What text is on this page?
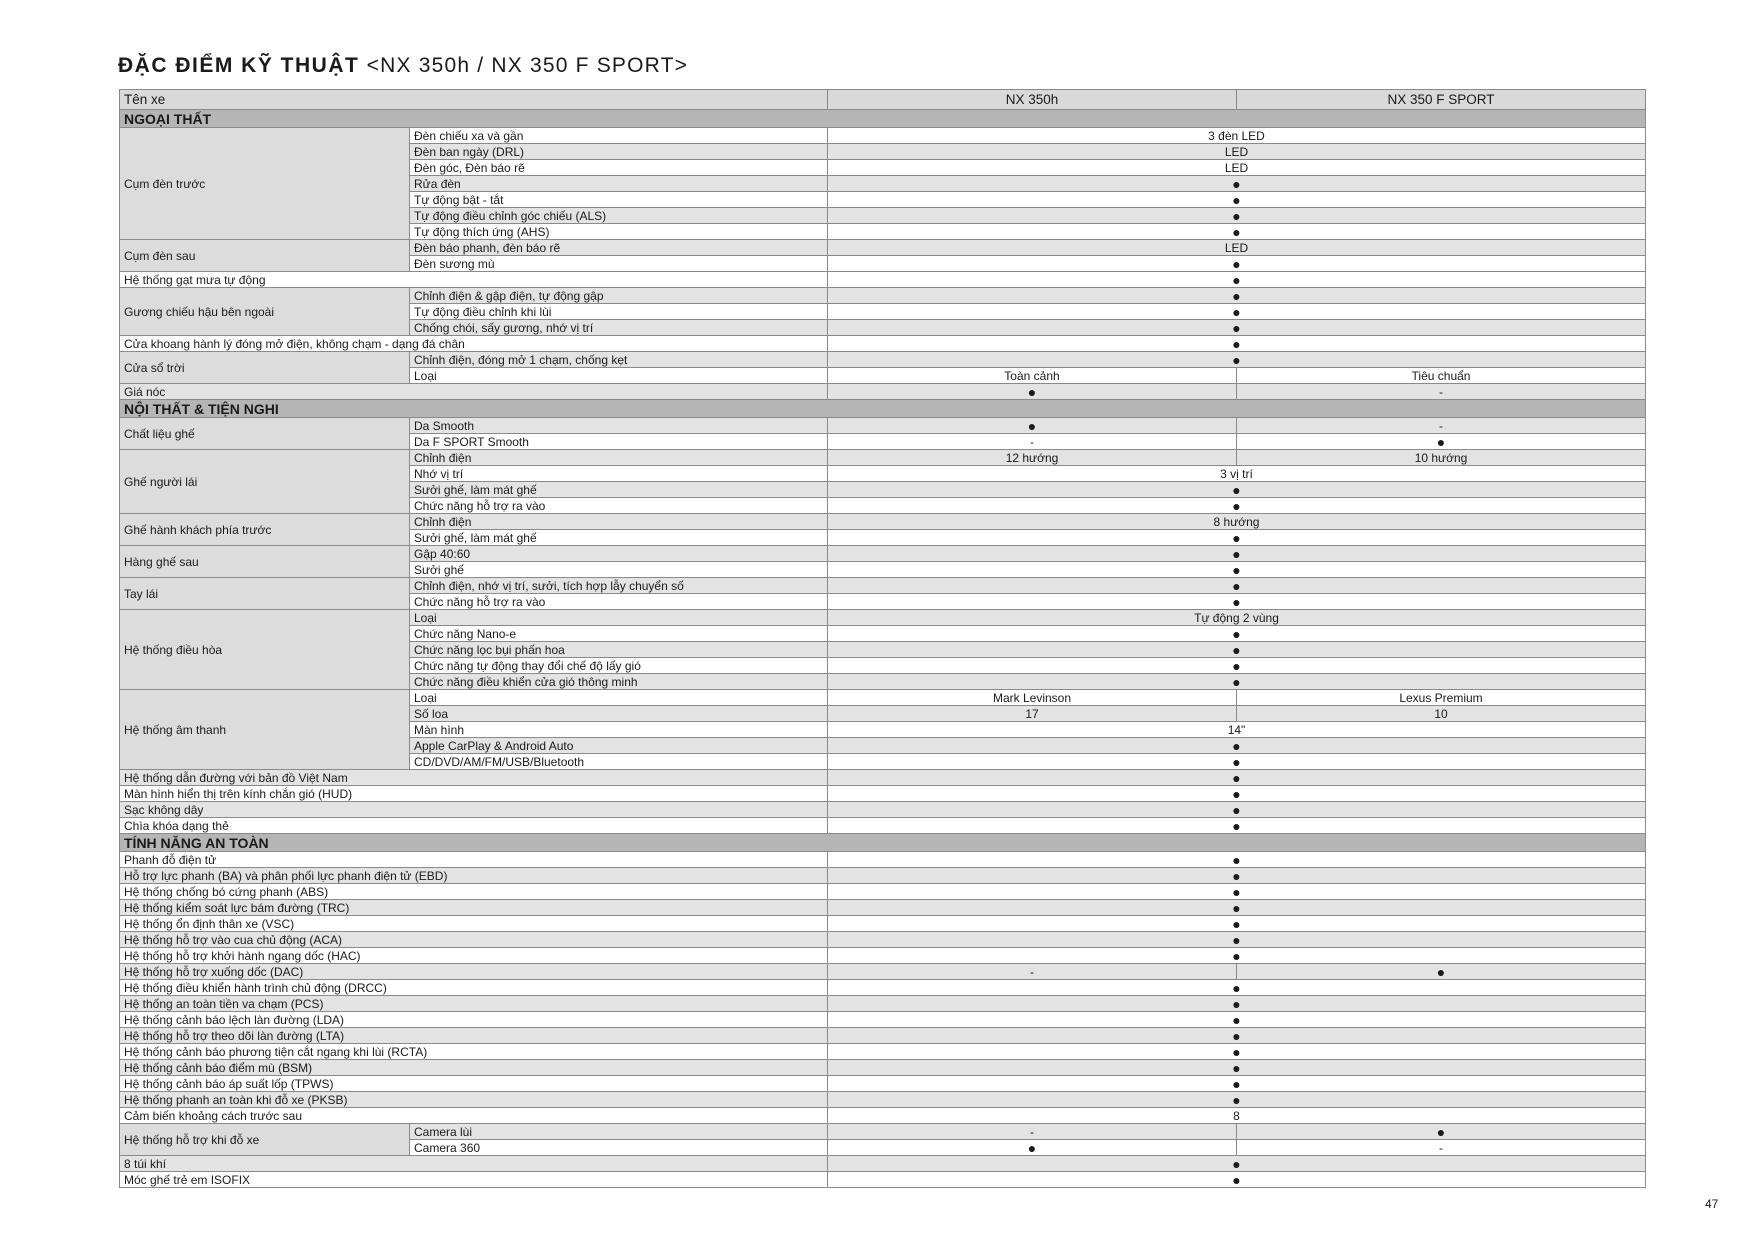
ĐẶC ĐIỂM KỸ THUẬT <NX 350h / NX 350 F SPORT>
Tên xe		NX 350h	NX 350 F SPORT
NGOẠI THẤT			
Cụm đèn trước	Đèn chiếu xa và gần	3 đèn LED	
	Đèn ban ngày (DRL)	LED	
	Đèn góc, Đèn báo rẽ	LED	
	Rửa đèn	●	
	Tự động bật - tắt	●	
	Tự động điều chỉnh góc chiếu (ALS)	●	
	Tự động thích ứng (AHS)	●	
Cụm đèn sau	Đèn báo phanh, đèn báo rẽ	LED	
	Đèn sương mù	●	
Hệ thống gạt mưa tự động		●	
Gương chiếu hậu bên ngoài	Chỉnh điện & gập điện, tự động gập	●	
	Tự động điều chỉnh khi lùi	●	
	Chống chói, sấy gương, nhớ vị trí	●	
Cửa khoang hành lý đóng mở điện, không chạm - dạng đá chân		●	
Cửa sổ trời	Chỉnh điện, đóng mở 1 chạm, chống kẹt	●	
	Loại	Toàn cảnh	Tiêu chuẩn
Giá nóc		●	-
NỘI THẤT & TIỆN NGHI			
Chất liệu ghế	Da Smooth	●	-
	Da F SPORT Smooth	-	●
Ghế người lái	Chỉnh điện	12 hướng	10 hướng
	Nhớ vị trí	3 vị trí	
	Sưởi ghế, làm mát ghế	●	
	Chức năng hỗ trợ ra vào	●	
Ghế hành khách phía trước	Chỉnh điện	8 hướng	
	Sưởi ghế, làm mát ghế	●	
Hàng ghế sau	Gập 40:60	●	
	Sưởi ghế	●	
Tay lái	Chỉnh điện, nhớ vị trí, sưởi, tích hợp lẫy chuyển số	●	
	Chức năng hỗ trợ ra vào	●	
Hệ thống điều hòa	Loại	Tự động 2 vùng	
	Chức năng Nano-e	●	
	Chức năng lọc bụi phấn hoa	●	
	Chức năng tự động thay đổi chế độ lấy gió	●	
	Chức năng điều khiển cửa gió thông minh	●	
Hệ thống âm thanh	Loại	Mark Levinson	Lexus Premium
	Số loa	17	10
	Màn hình	14"	
	Apple CarPlay & Android Auto	●	
	CD/DVD/AM/FM/USB/Bluetooth	●	
Hệ thống dẫn đường với bản đồ Việt Nam		●	
Màn hình hiển thị trên kính chắn gió (HUD)		●	
Sạc không dây		●	
Chìa khóa dạng thẻ		●	
TÍNH NĂNG AN TOÀN			
Phanh đỗ điện tử		●	
Hỗ trợ lực phanh (BA) và phân phối lực phanh điện tử (EBD)		●	
Hệ thống chống bó cứng phanh (ABS)		●	
Hệ thống kiểm soát lực bám đường (TRC)		●	
Hệ thống ổn định thân xe (VSC)		●	
Hệ thống hỗ trợ vào cua chủ động (ACA)		●	
Hệ thống hỗ trợ khởi hành ngang dốc (HAC)		●	
Hệ thống hỗ trợ xuống dốc (DAC)		-	●
Hệ thống điều khiển hành trình chủ động (DRCC)		●	
Hệ thống an toàn tiền va chạm (PCS)		●	
Hệ thống cảnh báo lệch làn đường (LDA)		●	
Hệ thống hỗ trợ theo dõi làn đường (LTA)		●	
Hệ thống cảnh báo phương tiện cắt ngang khi lùi (RCTA)		●	
Hệ thống cảnh báo điểm mù (BSM)		●	
Hệ thống cảnh báo áp suất lốp (TPWS)		●	
Hệ thống phanh an toàn khi đỗ xe (PKSB)		●	
Cảm biến khoảng cách trước sau		8	
Hệ thống hỗ trợ khi đỗ xe	Camera lùi	-	●
	Camera 360	●	-
8 túi khí		●	
Móc ghế trẻ em ISOFIX		●	
47
